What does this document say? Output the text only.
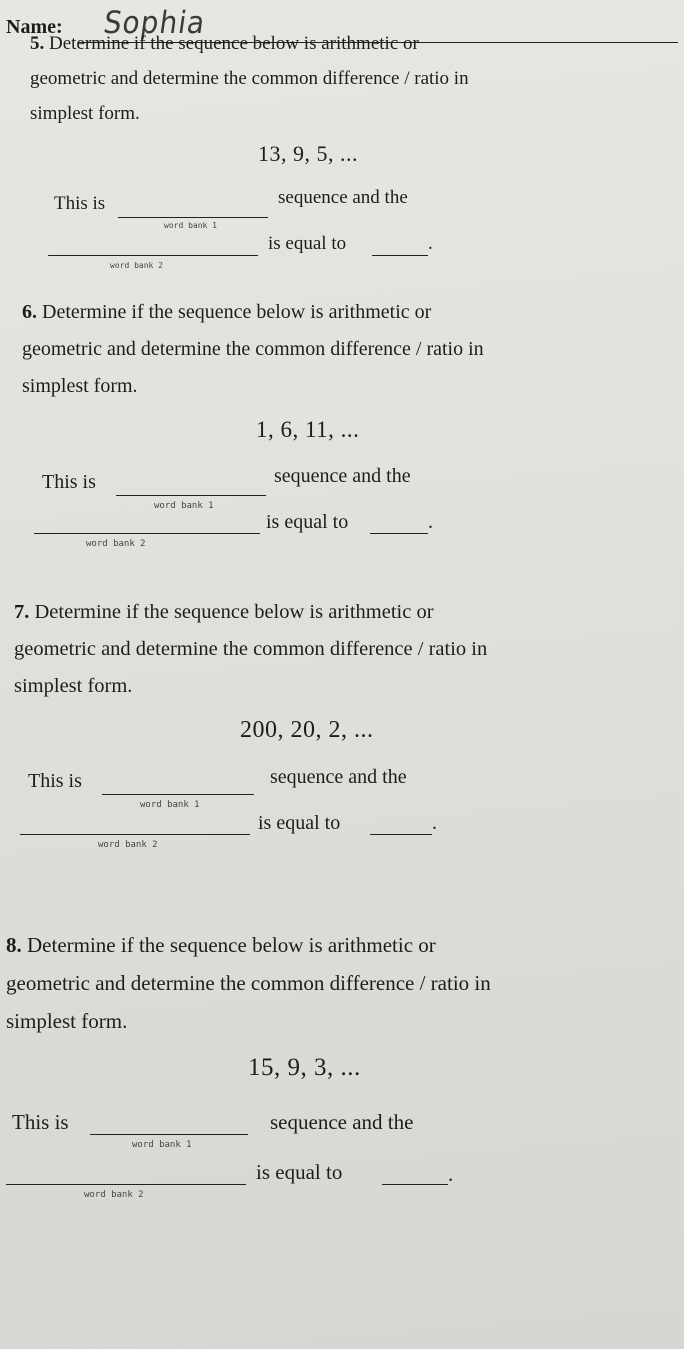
Name: Sophia

5. Determine if the sequence below is arithmetic or
geometric and determine the common difference / ratio in
simplest form.

13, 9, 5, ...
This is
word bank 1
sequence and the
word bank 2
is equal to	.

6. Determine if the sequence below is arithmetic or
geometric and determine the common difference / ratio in
simplest form.

1, 6, 11, ...
This is
word bank 1
sequence and the
word bank 2
is equal to	.

7. Determine if the sequence below is arithmetic or
geometric and determine the common difference / ratio in
simplest form.

200, 20, 2, ...
This is
word bank 1
sequence and the
word bank 2
is equal to	.

8. Determine if the sequence below is arithmetic or
geometric and determine the common difference / ratio in
simplest form.

15, 9, 3, ...
This is
word bank 1
sequence and the
word bank 2
is equal to	.
